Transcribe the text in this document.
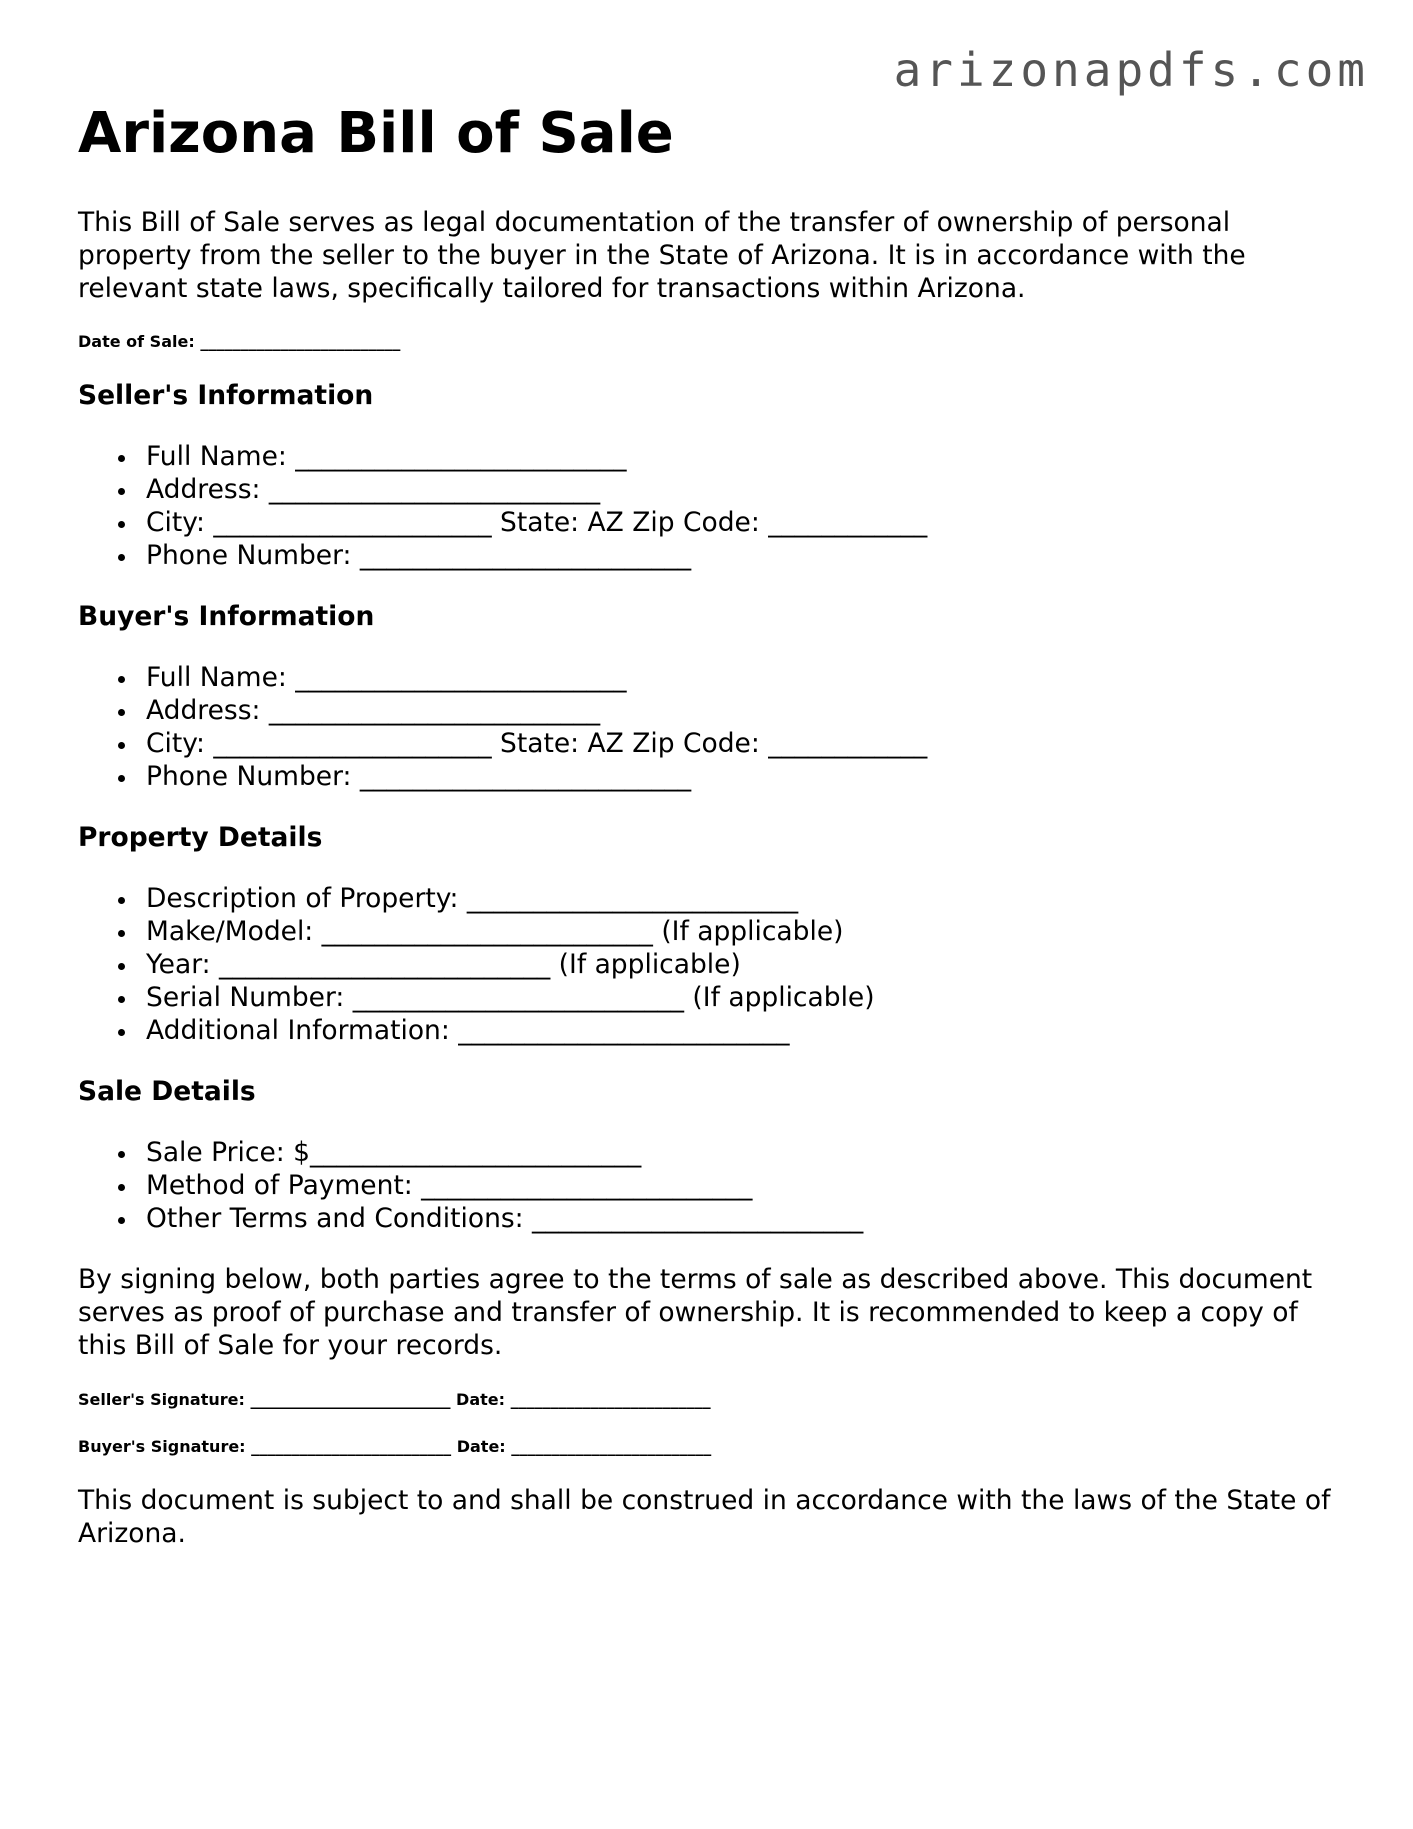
arizonapdfs.com
Arizona Bill of Sale

This Bill of Sale serves as legal documentation of the transfer of ownership of personal property from the seller to the buyer in the State of Arizona. It is in accordance with the relevant state laws, specifically tailored for transactions within Arizona.

Date of Sale: _________________________
Seller's Information
Full Name: _________________________
Address: _________________________
City: _____________________ State: AZ Zip Code: ____________
Phone Number: _________________________
Buyer's Information
Full Name: _________________________
Address: _________________________
City: _____________________ State: AZ Zip Code: ____________
Phone Number: _________________________
Property Details
Description of Property: _________________________
Make/Model: _________________________ (If applicable)
Year: _________________________ (If applicable)
Serial Number: _________________________ (If applicable)
Additional Information: _________________________
Sale Details
Sale Price: $_________________________
Method of Payment: _________________________
Other Terms and Conditions: _________________________

By signing below, both parties agree to the terms of sale as described above. This document serves as proof of purchase and transfer of ownership. It is recommended to keep a copy of this Bill of Sale for your records.

Seller's Signature: _________________________ Date: _________________________
Buyer's Signature: _________________________ Date: _________________________

This document is subject to and shall be construed in accordance with the laws of the State of Arizona.
